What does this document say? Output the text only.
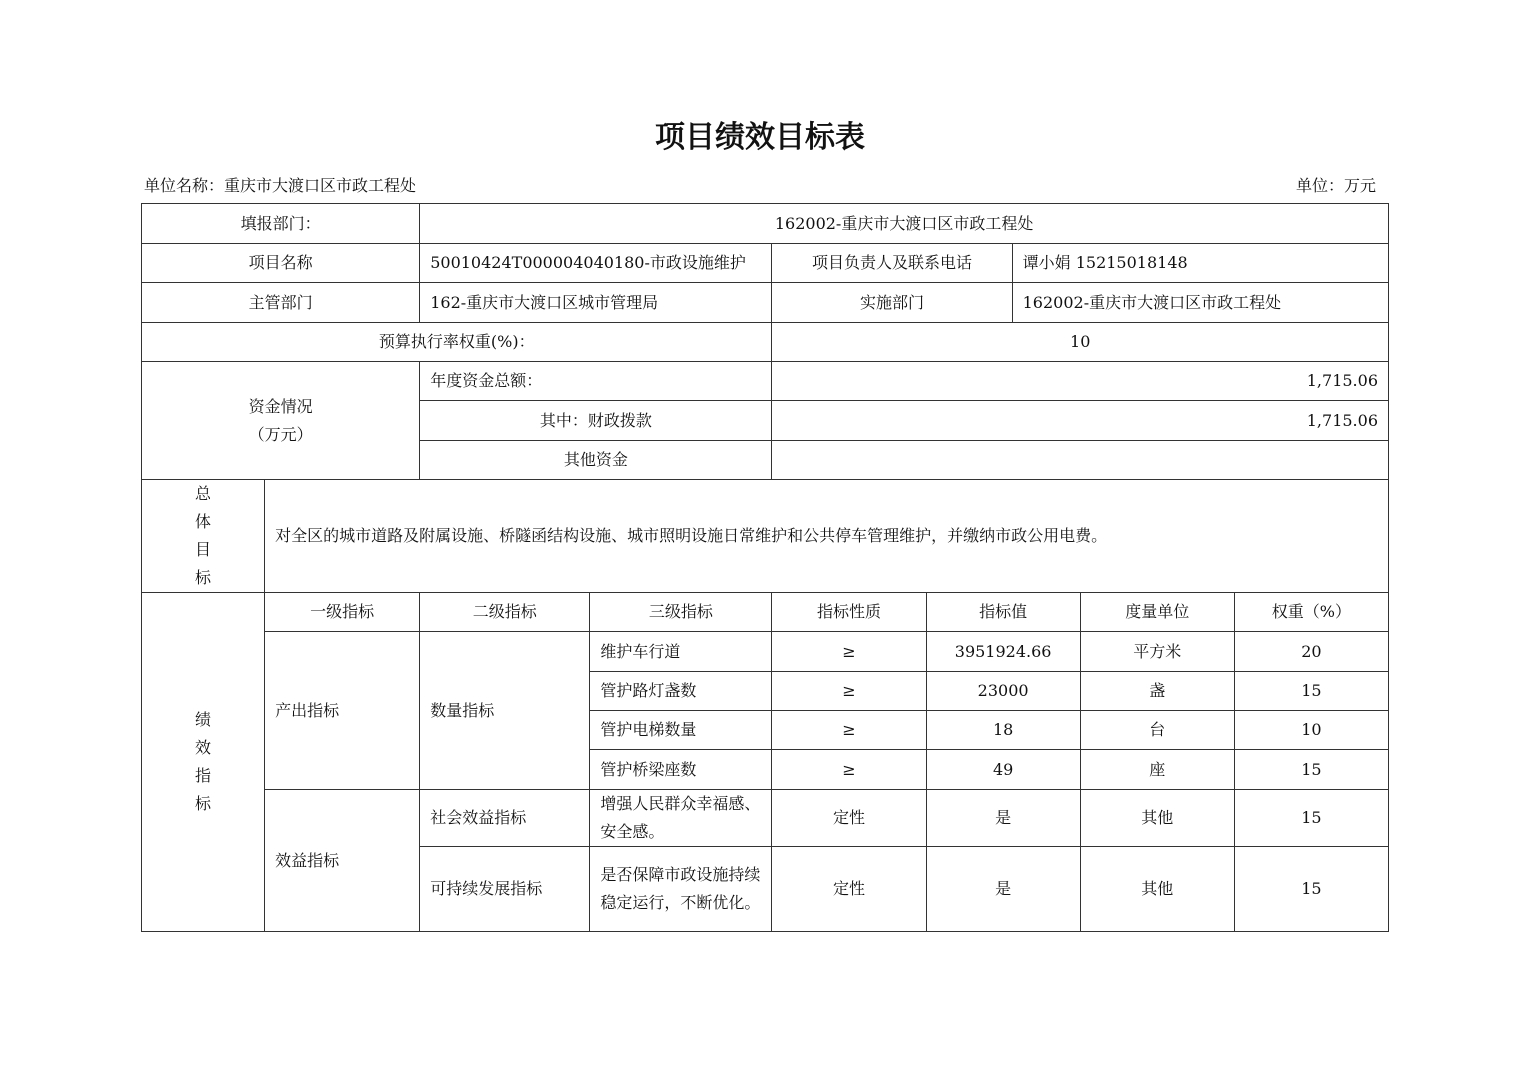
项目绩效目标表
单位名称：重庆市大渡口区市政工程处	单位：万元
填报部门：		162002-重庆市大渡口区市政工程处						
项目名称		50010424T000004040180-市政设施维护		项目负责人及联系电话		谭小娟 15215018148		
主管部门		162-重庆市大渡口区城市管理局		实施部门		162002-重庆市大渡口区市政工程处		
预算执行率权重(%)：				10				

资金情况
（万元）		年度资金总额：		1,715.06				
		其中：财政拨款		1,715.06				
		其他资金						

总
体
目
标	对全区的城市道路及附属设施、桥隧函结构设施、城市照明设施日常维护和公共停车管理维护，并缴纳市政公用电费。							

绩
效
指
标	一级指标	二级指标	三级指标	指标性质	指标值		度量单位	权重（%）
	产出指标	数量指标	维护车行道	≥	3951924.66		平方米	20
			管护路灯盏数	≥	23000		盏	15
			管护电梯数量	≥	18		台	10
			管护桥梁座数	≥	49		座	15
	效益指标	社会效益指标	增强人民群众幸福感、安全感。	定性	是		其他	15
		可持续发展指标	是否保障市政设施持续稳定运行，不断优化。	定性	是		其他	15
